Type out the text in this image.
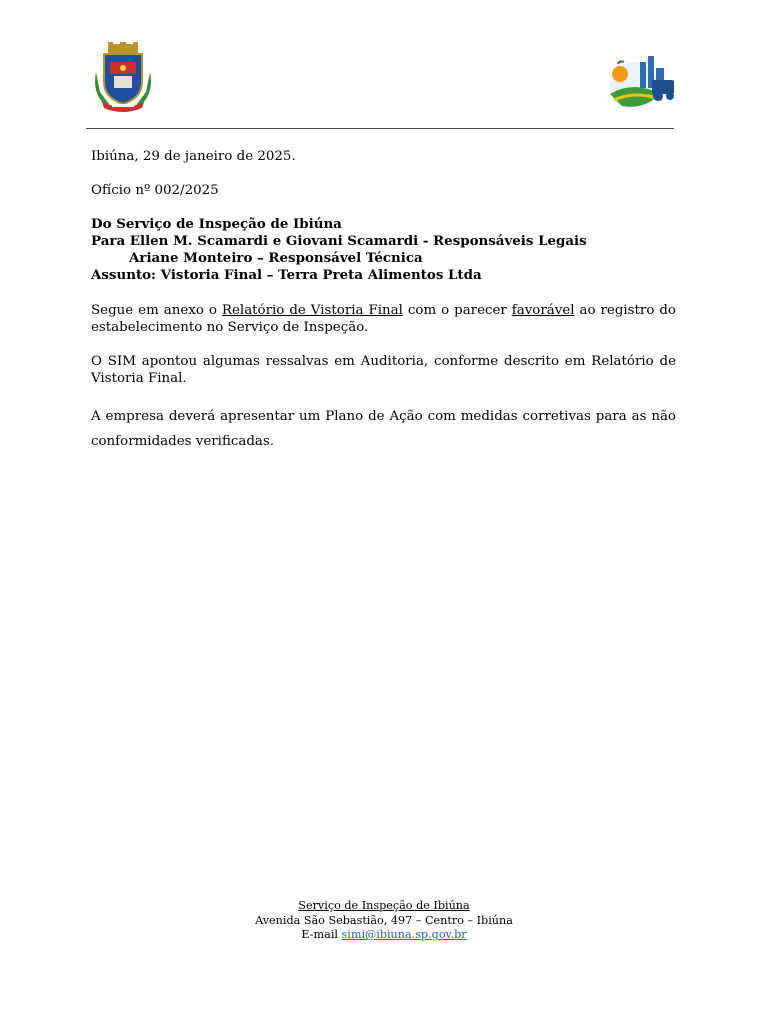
Ibiúna, 29 de janeiro de 2025.
Ofício nº 002/2025
Do Serviço de Inspeção de Ibiúna
Para Ellen M. Scamardi e Giovani Scamardi - Responsáveis Legais
Ariane Monteiro – Responsável Técnica
Assunto: Vistoria Final – Terra Preta Alimentos Ltda
Segue em anexo o Relatório de Vistoria Final com o parecer favorável ao registro do estabelecimento no Serviço de Inspeção.
O SIM apontou algumas ressalvas em Auditoria, conforme descrito em Relatório de Vistoria Final.
A empresa deverá apresentar um Plano de Ação com medidas corretivas para as não conformidades verificadas.
Serviço de Inspeção de Ibiúna
Avenida São Sebastião, 497 – Centro – Ibiúna
E-mail simi@ibiuna.sp.gov.br
